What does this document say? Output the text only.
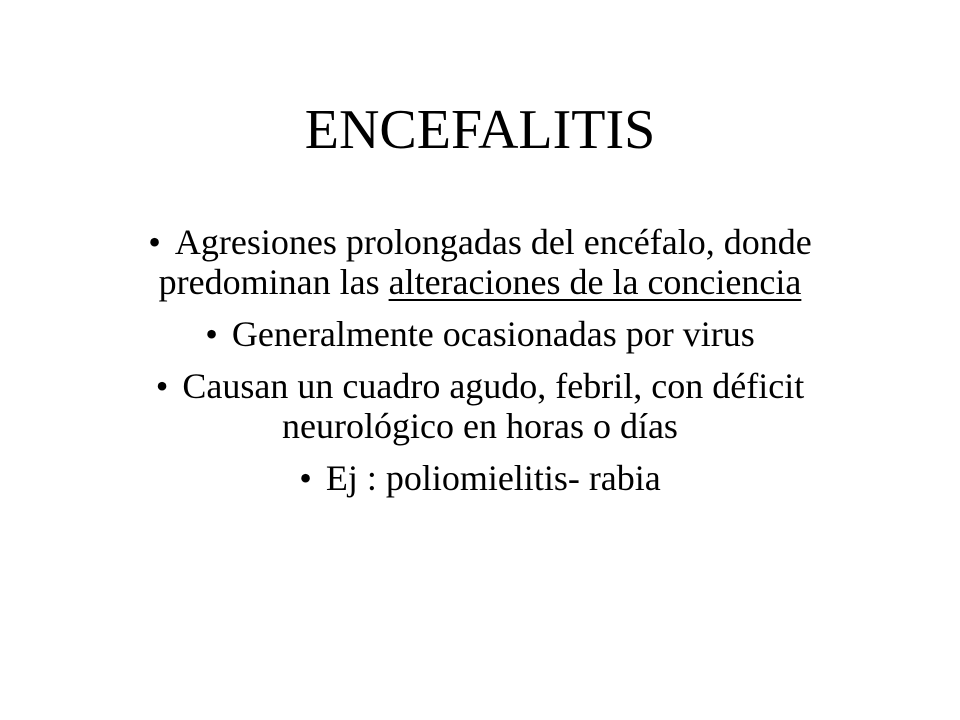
ENCEFALITIS
• Agresiones prolongadas del encéfalo, donde predominan las alteraciones de la conciencia
• Generalmente ocasionadas por virus
• Causan un cuadro agudo, febril, con déficit neurológico en horas o días
• Ej : poliomielitis- rabia
